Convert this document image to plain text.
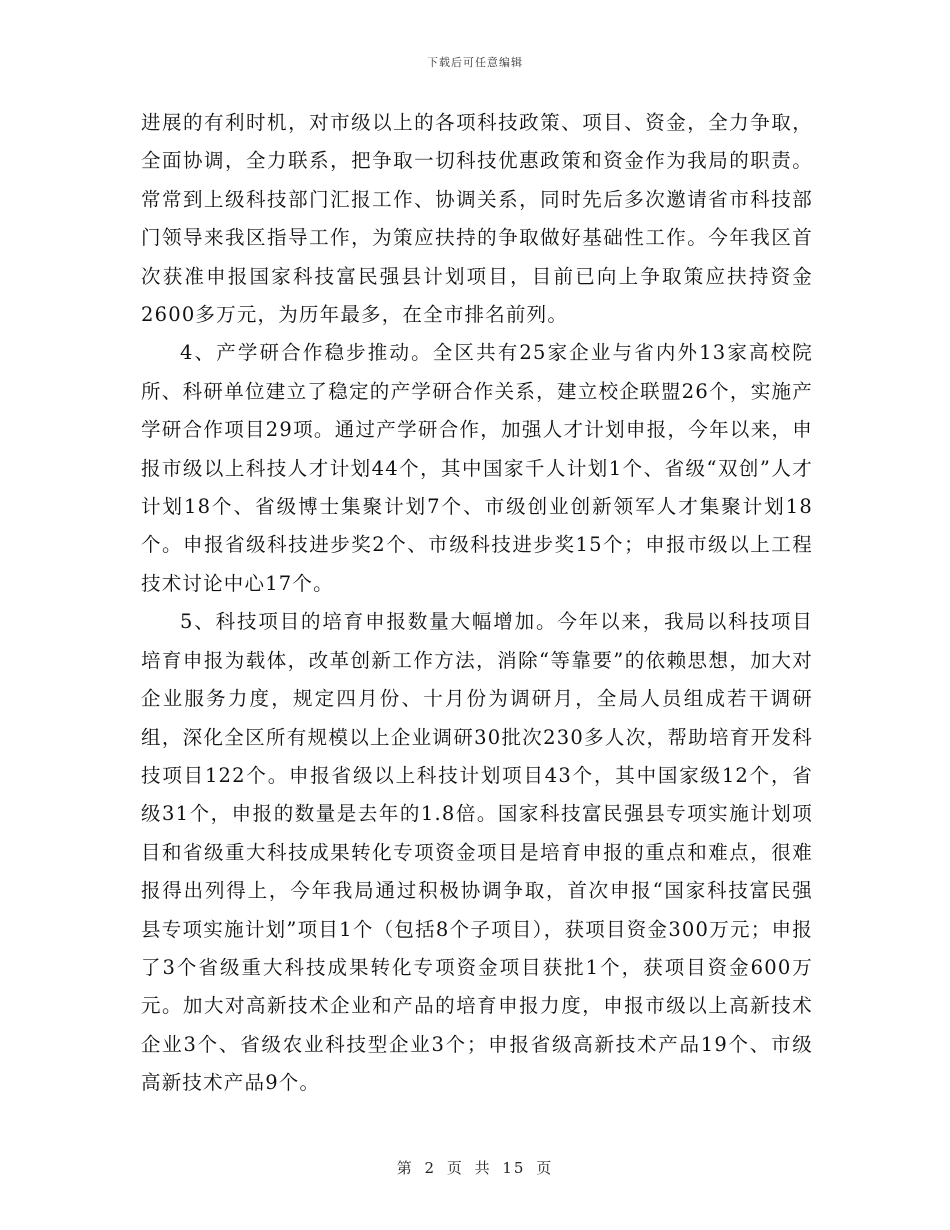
下载后可任意编辑

进展的有利时机，对市级以上的各项科技政策、项目、资金，全力争取，全面协调，全力联系，把争取一切科技优惠政策和资金作为我局的职责。常常到上级科技部门汇报工作、协调关系，同时先后多次邀请省市科技部门领导来我区指导工作，为策应扶持的争取做好基础性工作。今年我区首次获准申报国家科技富民强县计划项目，目前已向上争取策应扶持资金2600多万元，为历年最多，在全市排名前列。

4、产学研合作稳步推动。全区共有25家企业与省内外13家高校院所、科研单位建立了稳定的产学研合作关系，建立校企联盟26个，实施产学研合作项目29项。通过产学研合作，加强人才计划申报，今年以来，申报市级以上科技人才计划44个，其中国家千人计划1个、省级“双创”人才计划18个、省级博士集聚计划7个、市级创业创新领军人才集聚计划18个。申报省级科技进步奖2个、市级科技进步奖15个；申报市级以上工程技术讨论中心17个。

5、科技项目的培育申报数量大幅增加。今年以来，我局以科技项目培育申报为载体，改革创新工作方法，消除“等靠要”的依赖思想，加大对企业服务力度，规定四月份、十月份为调研月，全局人员组成若干调研组，深化全区所有规模以上企业调研30批次230多人次，帮助培育开发科技项目122个。申报省级以上科技计划项目43个，其中国家级12个，省级31个，申报的数量是去年的1.8倍。国家科技富民强县专项实施计划项目和省级重大科技成果转化专项资金项目是培育申报的重点和难点，很难报得出列得上，今年我局通过积极协调争取，首次申报“国家科技富民强县专项实施计划”项目1个（包括8个子项目），获项目资金300万元；申报了3个省级重大科技成果转化专项资金项目获批1个，获项目资金600万元。加大对高新技术企业和产品的培育申报力度，申报市级以上高新技术企业3个、省级农业科技型企业3个；申报省级高新技术产品19个、市级高新技术产品9个。

第 2 页 共 15 页
